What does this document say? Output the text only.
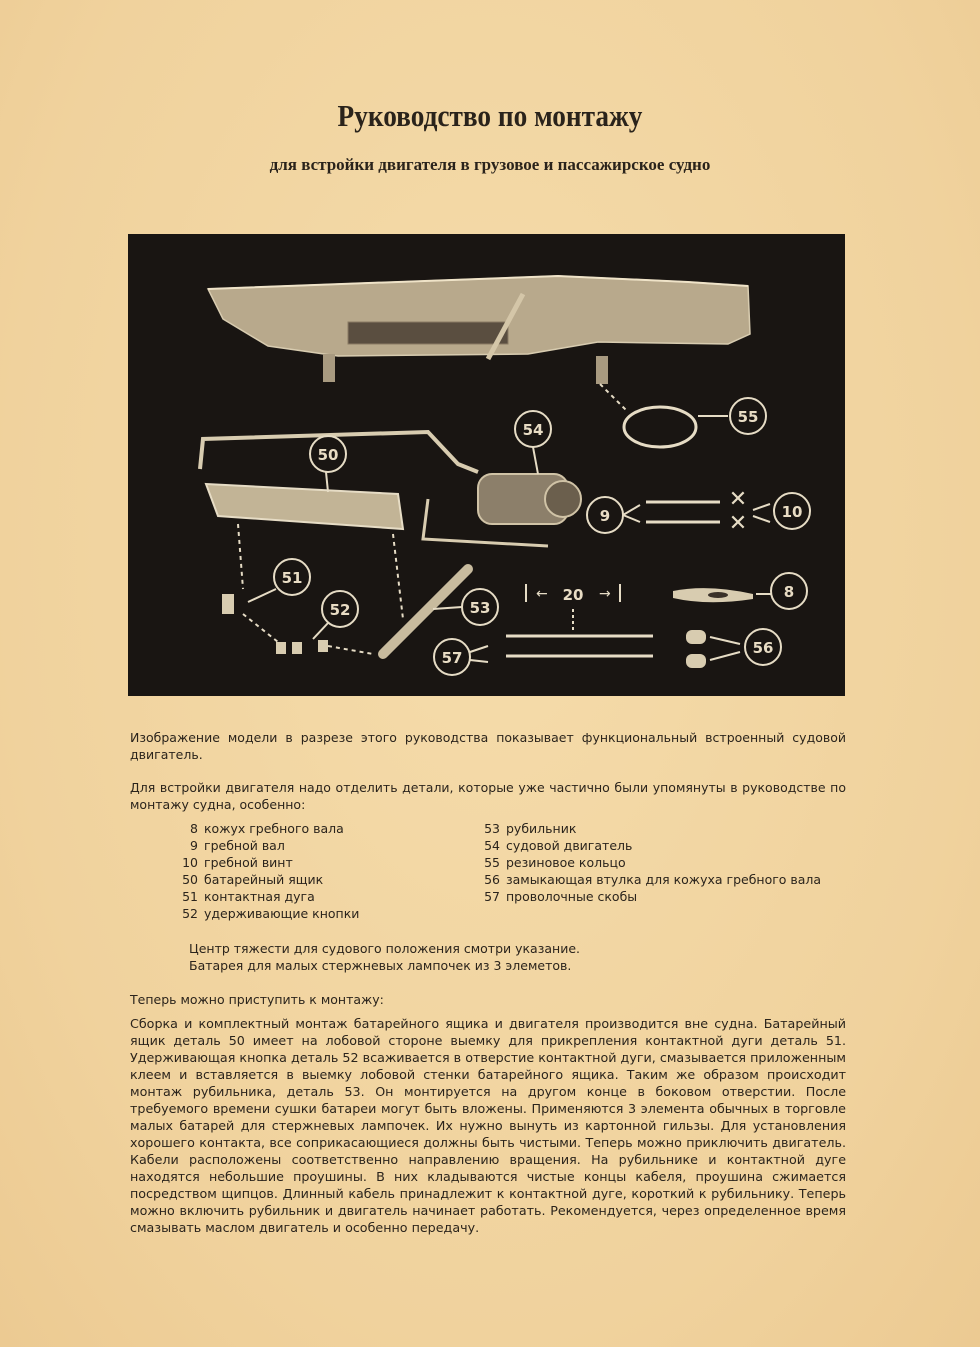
Руководство по монтажу
для встройки двигателя в грузовое и пассажирское судно
55
54
50
9
✕
✕ 10
51
52	53
←	→
20
57
8
56
Изображение модели в разрезе этого руководства показывает функциональный встроенный судовой двигатель.
Для встройки двигателя надо отделить детали, которые уже частично были упомянуты в руководстве по монтажу судна, особенно:
8 кожух гребного вала
9 гребной вал
10 гребной винт
50 батарейный ящик
51 контактная дуга
52 удерживающие кнопки
53 рубильник
54 судовой двигатель
55 резиновое кольцо
56 замыкающая втулка для кожуха гребного вала
57 проволочные скобы
Центр тяжести для судового положения смотри указание.
Батарея для малых стержневых лампочек из 3 элеметов.
Теперь можно приступить к монтажу:
Сборка и комплектный монтаж батарейного ящика и двигателя производится вне судна. Батарейный ящик деталь 50 имеет на лобовой стороне выемку для прикрепления контактной дуги деталь 51. Удерживающая кнопка деталь 52 всаживается в отверстие контактной дуги, смазывается приложенным клеем и вставляется в выемку лобовой стенки батарейного ящика. Таким же образом происходит монтаж рубильника, деталь 53. Он монтируется на другом конце в боковом отверстии. После требуемого времени сушки батареи могут быть вложены. Применяются 3 элемента обычных в торговле малых батарей для стержневых лампочек. Их нужно вынуть из картонной гильзы. Для установления хорошего контакта, все соприкасающиеся должны быть чистыми. Теперь можно приключить двигатель. Кабели расположены соответственно направлению вращения. На рубильнике и контактной дуге находятся небольшие проушины. В них кладываются чистые концы кабеля, проушина сжимается посредством щипцов. Длинный кабель принадлежит к контактной дуге, короткий к рубильнику. Теперь можно включить рубильник и двигатель начинает работать. Рекомендуется, через определенное время смазывать маслом двигатель и особенно передачу.
